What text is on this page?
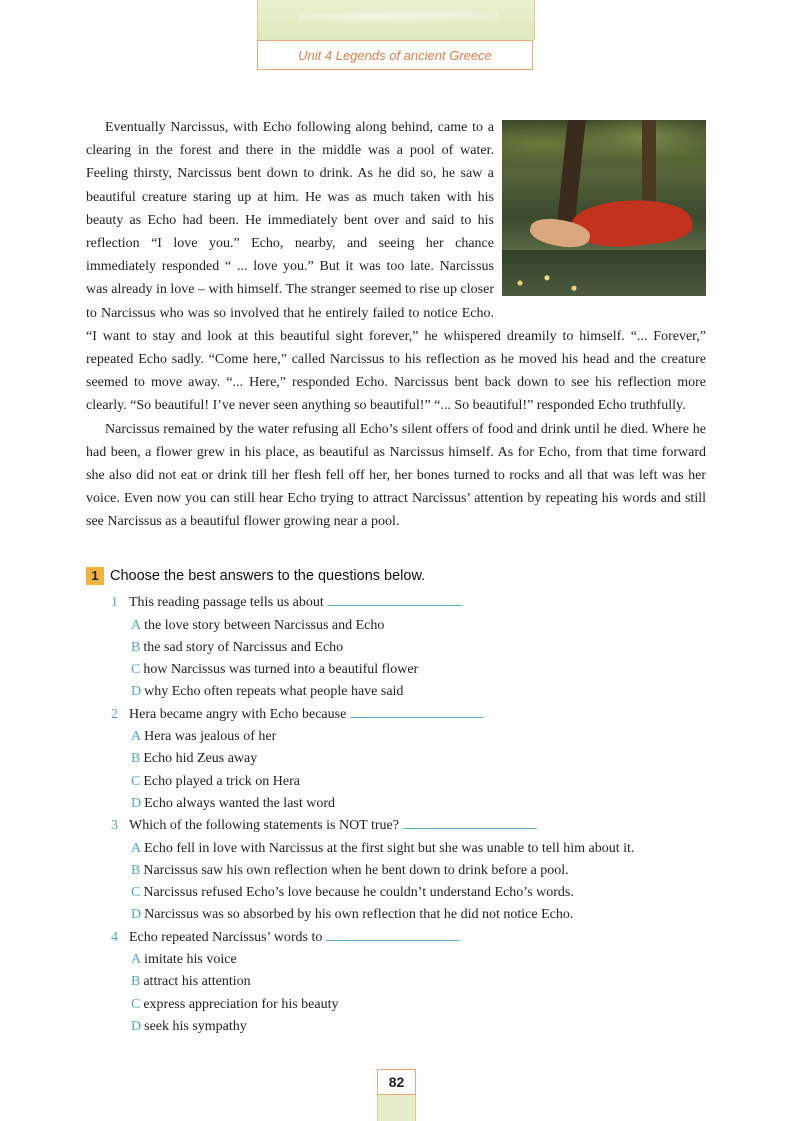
Unit 4 Legends of ancient Greece

Eventually Narcissus, with Echo following along behind, came to a clearing in the forest and there in the middle was a pool of water. Feeling thirsty, Narcissus bent down to drink. As he did so, he saw a beautiful creature staring up at him. He was as much taken with his beauty as Echo had been. He immediately bent over and said to his reflection “I love you.” Echo, nearby, and seeing her chance immediately responded “ ... love you.” But it was too late. Narcissus was already in love – with himself. The stranger seemed to rise up closer to Narcissus who was so involved that he entirely failed to notice Echo. “I want to stay and look at this beautiful sight forever,” he whispered dreamily to himself. “... Forever,” repeated Echo sadly. “Come here,” called Narcissus to his reflection as he moved his head and the creature seemed to move away. “... Here,” responded Echo. Narcissus bent back down to see his reflection more clearly. “So beautiful! I’ve never seen anything so beautiful!” “... So beautiful!” responded Echo truthfully.

Narcissus remained by the water refusing all Echo’s silent offers of food and drink until he died. Where he had been, a flower grew in his place, as beautiful as Narcissus himself. As for Echo, from that time forward she also did not eat or drink till her flesh fell off her, her bones turned to rocks and all that was left was her voice. Even now you can still hear Echo trying to attract Narcissus’ attention by repeating his words and still see Narcissus as a beautiful flower growing near a pool.

1 Choose the best answers to the questions below.
1 This reading passage tells us about
A the love story between Narcissus and Echo
B the sad story of Narcissus and Echo
C how Narcissus was turned into a beautiful flower
D why Echo often repeats what people have said
2 Hera became angry with Echo because
A Hera was jealous of her
B Echo hid Zeus away
C Echo played a trick on Hera
D Echo always wanted the last word
3 Which of the following statements is NOT true?
A Echo fell in love with Narcissus at the first sight but she was unable to tell him about it.
B Narcissus saw his own reflection when he bent down to drink before a pool.
C Narcissus refused Echo’s love because he couldn’t understand Echo’s words.
D Narcissus was so absorbed by his own reflection that he did not notice Echo.
4 Echo repeated Narcissus’ words to
A imitate his voice
B attract his attention
C express appreciation for his beauty
D seek his sympathy
82
